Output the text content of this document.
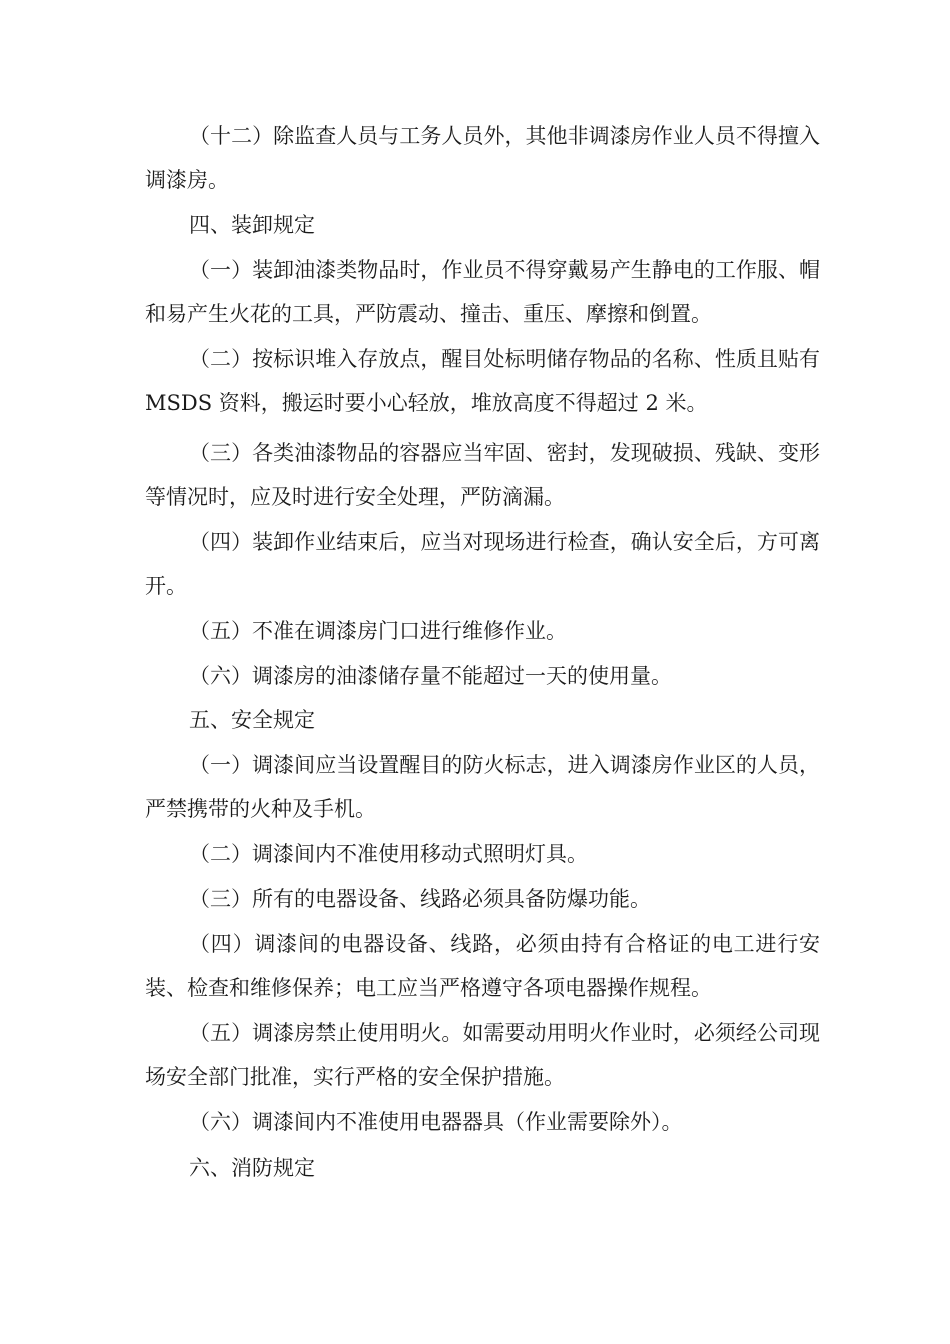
（十二）除监查人员与工务人员外，其他非调漆房作业人员不得擅入调漆房。

四、装卸规定

（一）装卸油漆类物品时，作业员不得穿戴易产生静电的工作服、帽和易产生火花的工具，严防震动、撞击、重压、摩擦和倒置。

（二）按标识堆入存放点，醒目处标明储存物品的名称、性质且贴有 MSDS 资料，搬运时要小心轻放，堆放高度不得超过 2 米。

（三）各类油漆物品的容器应当牢固、密封，发现破损、残缺、变形等情况时，应及时进行安全处理，严防滴漏。

（四）装卸作业结束后，应当对现场进行检查，确认安全后，方可离开。

（五）不准在调漆房门口进行维修作业。

（六）调漆房的油漆储存量不能超过一天的使用量。

五、安全规定

（一）调漆间应当设置醒目的防火标志，进入调漆房作业区的人员，严禁携带的火种及手机。

（二）调漆间内不准使用移动式照明灯具。

（三）所有的电器设备、线路必须具备防爆功能。

（四）调漆间的电器设备、线路，必须由持有合格证的电工进行安装、检查和维修保养；电工应当严格遵守各项电器操作规程。

（五）调漆房禁止使用明火。如需要动用明火作业时，必须经公司现场安全部门批准，实行严格的安全保护措施。

（六）调漆间内不准使用电器器具（作业需要除外）。

六、消防规定
